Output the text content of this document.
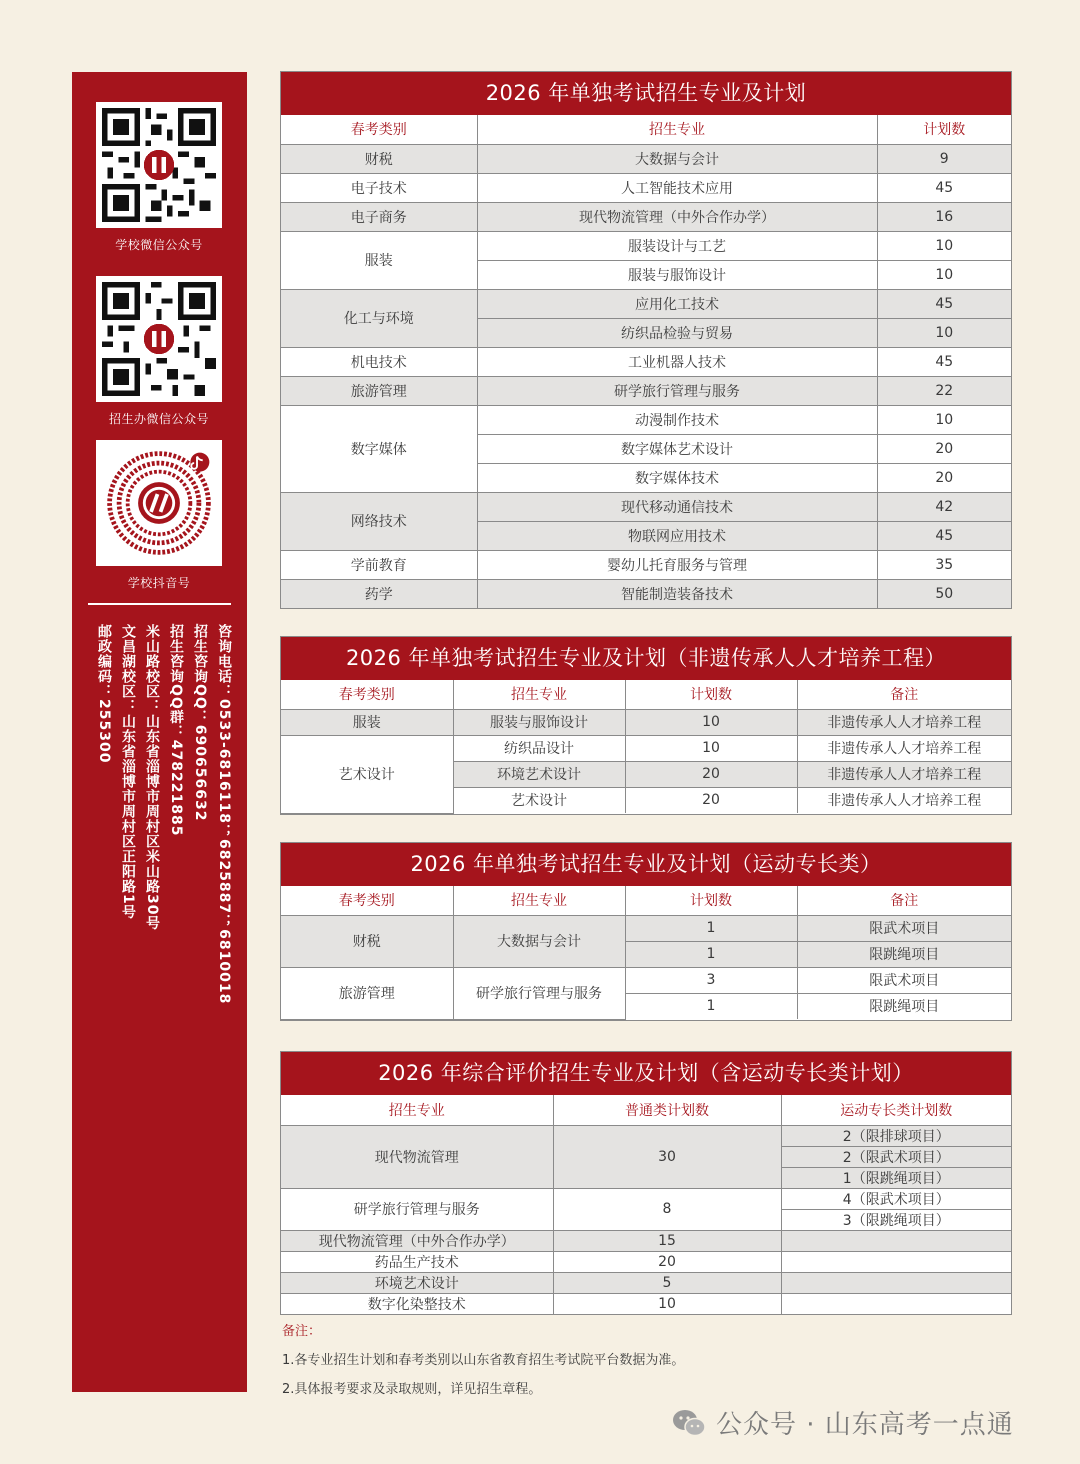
学校微信公众号
招生办微信公众号
学校抖音号
咨询电话：0533-6816118；6825887；6810018
招生咨询QQ：690656632
招生咨询QQ群：478221885
米山路校区：山东省淄博市周村区米山路30号
文昌湖校区：山东省淄博市周村区正阳路1号
邮政编码：255300
2026 年单独考试招生专业及计划
春考类别	招生专业	计划数
财税	大数据与会计	9
电子技术	人工智能技术应用	45
电子商务	现代物流管理（中外合作办学）	16
服装	服装设计与工艺	10
	服装与服饰设计	10
化工与环境	应用化工技术	45
	纺织品检验与贸易	10
机电技术	工业机器人技术	45
旅游管理	研学旅行管理与服务	22
数字媒体	动漫制作技术	10
	数字媒体艺术设计	20
	数字媒体技术	20
网络技术	现代移动通信技术	42
	物联网应用技术	45
学前教育	婴幼儿托育服务与管理	35
药学	智能制造装备技术	50
2026 年单独考试招生专业及计划（非遗传承人人才培养工程）
春考类别	招生专业	计划数	备注
服装	服装与服饰设计	10	非遗传承人人才培养工程
艺术设计	纺织品设计	10	非遗传承人人才培养工程
	环境艺术设计	20	非遗传承人人才培养工程
	艺术设计	20	非遗传承人人才培养工程
2026 年单独考试招生专业及计划（运动专长类）
春考类别	招生专业	计划数	备注
财税	大数据与会计	1	限武术项目
		1	限跳绳项目
旅游管理	研学旅行管理与服务	3	限武术项目
		1	限跳绳项目
2026 年综合评价招生专业及计划（含运动专长类计划）
招生专业	普通类计划数	运动专长类计划数
现代物流管理	30	2（限排球项目）
		2（限武术项目）
		1（限跳绳项目）
研学旅行管理与服务	8	4（限武术项目）
		3（限跳绳项目）
现代物流管理（中外合作办学）	15	
药品生产技术	20	
环境艺术设计	5	
数字化染整技术	10	
备注：
1.各专业招生计划和春考类别以山东省教育招生考试院平台数据为准。
2.具体报考要求及录取规则，详见招生章程。
公众号 · 山东高考一点通
